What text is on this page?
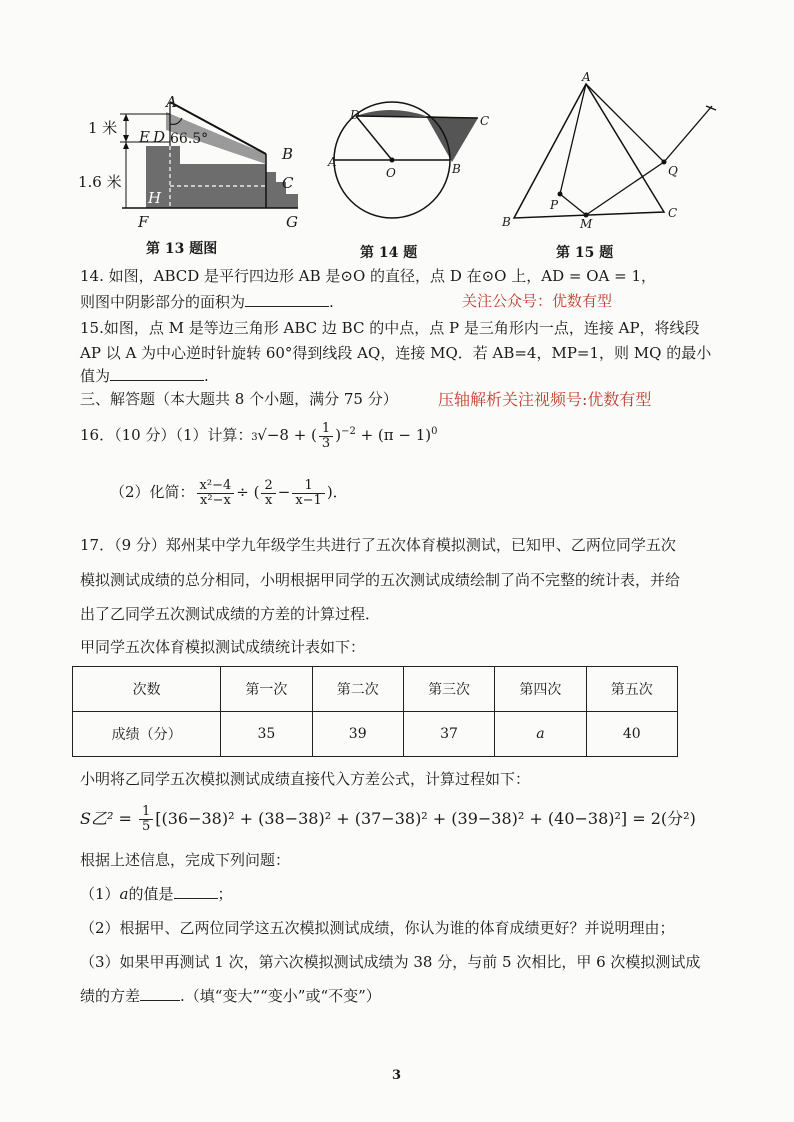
1 米
1.6 米
A
E D 66.5°
B
C
H
F	G
第 13 题图
D
A
O	B
C
第 14 题
A
Q
P
B	M
C
第 15 题
14. 如图，ABCD 是平行四边形 AB 是⊙O 的直径，点 D 在⊙O 上，AD = OA = 1，
则图中阴影部分的面积为	.	关注公众号：优数有型
15.如图，点 M 是等边三角形 ABC 边 BC 的中点，点 P 是三角形内一点，连接 AP，将线段
AP 以 A 为中心逆时针旋转 60°得到线段 AQ，连接 MQ．若 AB=4，MP=1，则 MQ 的最小
值为	.
三、解答题（本大题共 8 个小题，满分 75 分）	压轴解析关注视频号:优数有型
16．（10 分）（1）计算：
3 √−8 + ( $\frac{1}{3} )^{-2} + (\pi - 1)^0$
（2）化简： $\frac{\text{x²−4}}{\text{x²−x}}$ ÷ ( $\frac{2}{x} - \frac{1}{x-1}$ )．
17．（9 分）郑州某中学九年级学生共进行了五次体育模拟测试，已知甲、乙两位同学五次
模拟测试成绩的总分相同，小明根据甲同学的五次测试成绩绘制了尚不完整的统计表，并给
出了乙同学五次测试成绩的方差的计算过程．
甲同学五次体育模拟测试成绩统计表如下：
次数	第一次	第二次	第三次	第四次	第五次
成绩（分）	35	39	37	a	40
小明将乙同学五次模拟测试成绩直接代入方差公式，计算过程如下：
S乙$^2 = \frac{1}{5} [(36-38)^2 + (38-38)^2 + (37-38)^2 + (39-38)^2 + (40-38)^2] = 2$(分²)
根据上述信息，完成下列问题：
（1）a的值是	；
（2）根据甲、乙两位同学这五次模拟测试成绩，你认为谁的体育成绩更好？并说明理由；
（3）如果甲再测试 1 次，第六次模拟测试成绩为 38 分，与前 5 次相比，甲 6 次模拟测试成
绩的方差	.（填“变大”“变小”或“不变”）
3
